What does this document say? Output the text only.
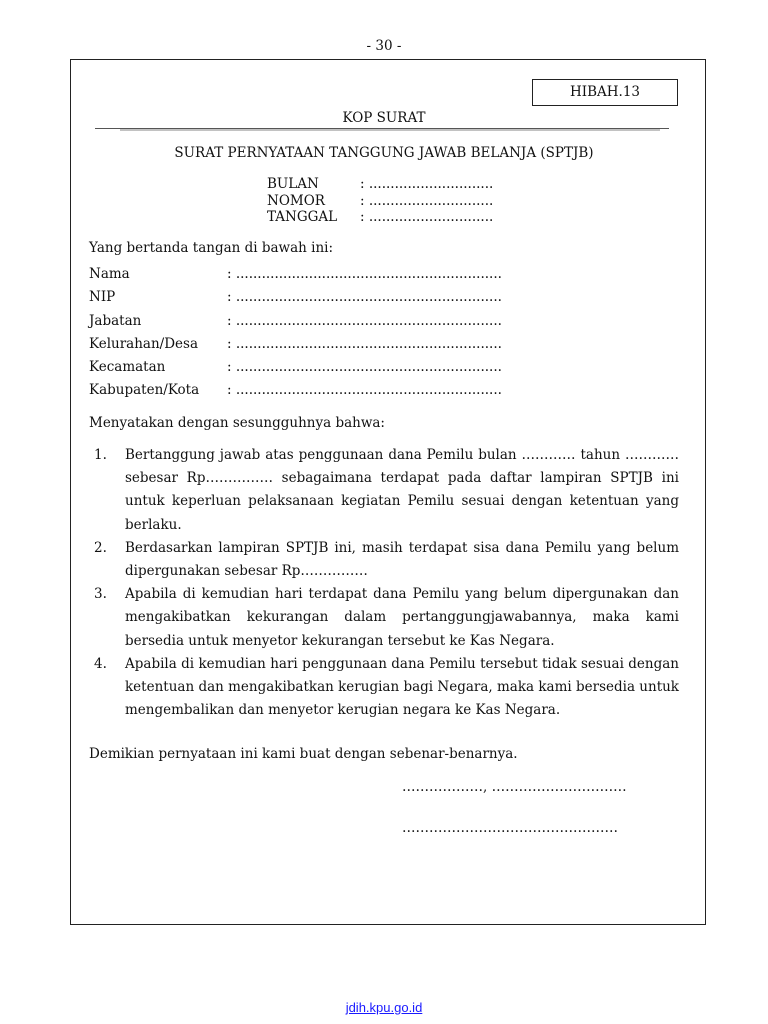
- 30 -
HIBAH.13
KOP SURAT
SURAT PERNYATAAN TANGGUNG JAWAB BELANJA (SPTJB)
BULAN	: .............................
NOMOR	: .............................
TANGGAL : .............................
Yang bertanda tangan di bawah ini:
Nama	: ..............................................................
NIP	: ..............................................................
Jabatan	: ..............................................................
Kelurahan/Desa : ..............................................................
Kecamatan	: ..............................................................
Kabupaten/Kota : ..............................................................
Menyatakan dengan sesungguhnya bahwa:
1. Bertanggung jawab atas penggunaan dana Pemilu bulan ………… tahun ………… sebesar Rp…………… sebagaimana terdapat pada daftar lampiran SPTJB ini untuk keperluan pelaksanaan kegiatan Pemilu sesuai dengan ketentuan yang berlaku.
2. Berdasarkan lampiran SPTJB ini, masih terdapat sisa dana Pemilu yang belum dipergunakan sebesar Rp……………
3. Apabila di kemudian hari terdapat dana Pemilu yang belum dipergunakan dan mengakibatkan kekurangan dalam pertanggungjawabannya, maka kami bersedia untuk menyetor kekurangan tersebut ke Kas Negara.
4. Apabila di kemudian hari penggunaan dana Pemilu tersebut tidak sesuai dengan ketentuan dan mengakibatkan kerugian bagi Negara, maka kami bersedia untuk mengembalikan dan menyetor kerugian negara ke Kas Negara.
Demikian pernyataan ini kami buat dengan sebenar-benarnya.
………………, …………………………
…………………………………………
jdih.kpu.go.id
